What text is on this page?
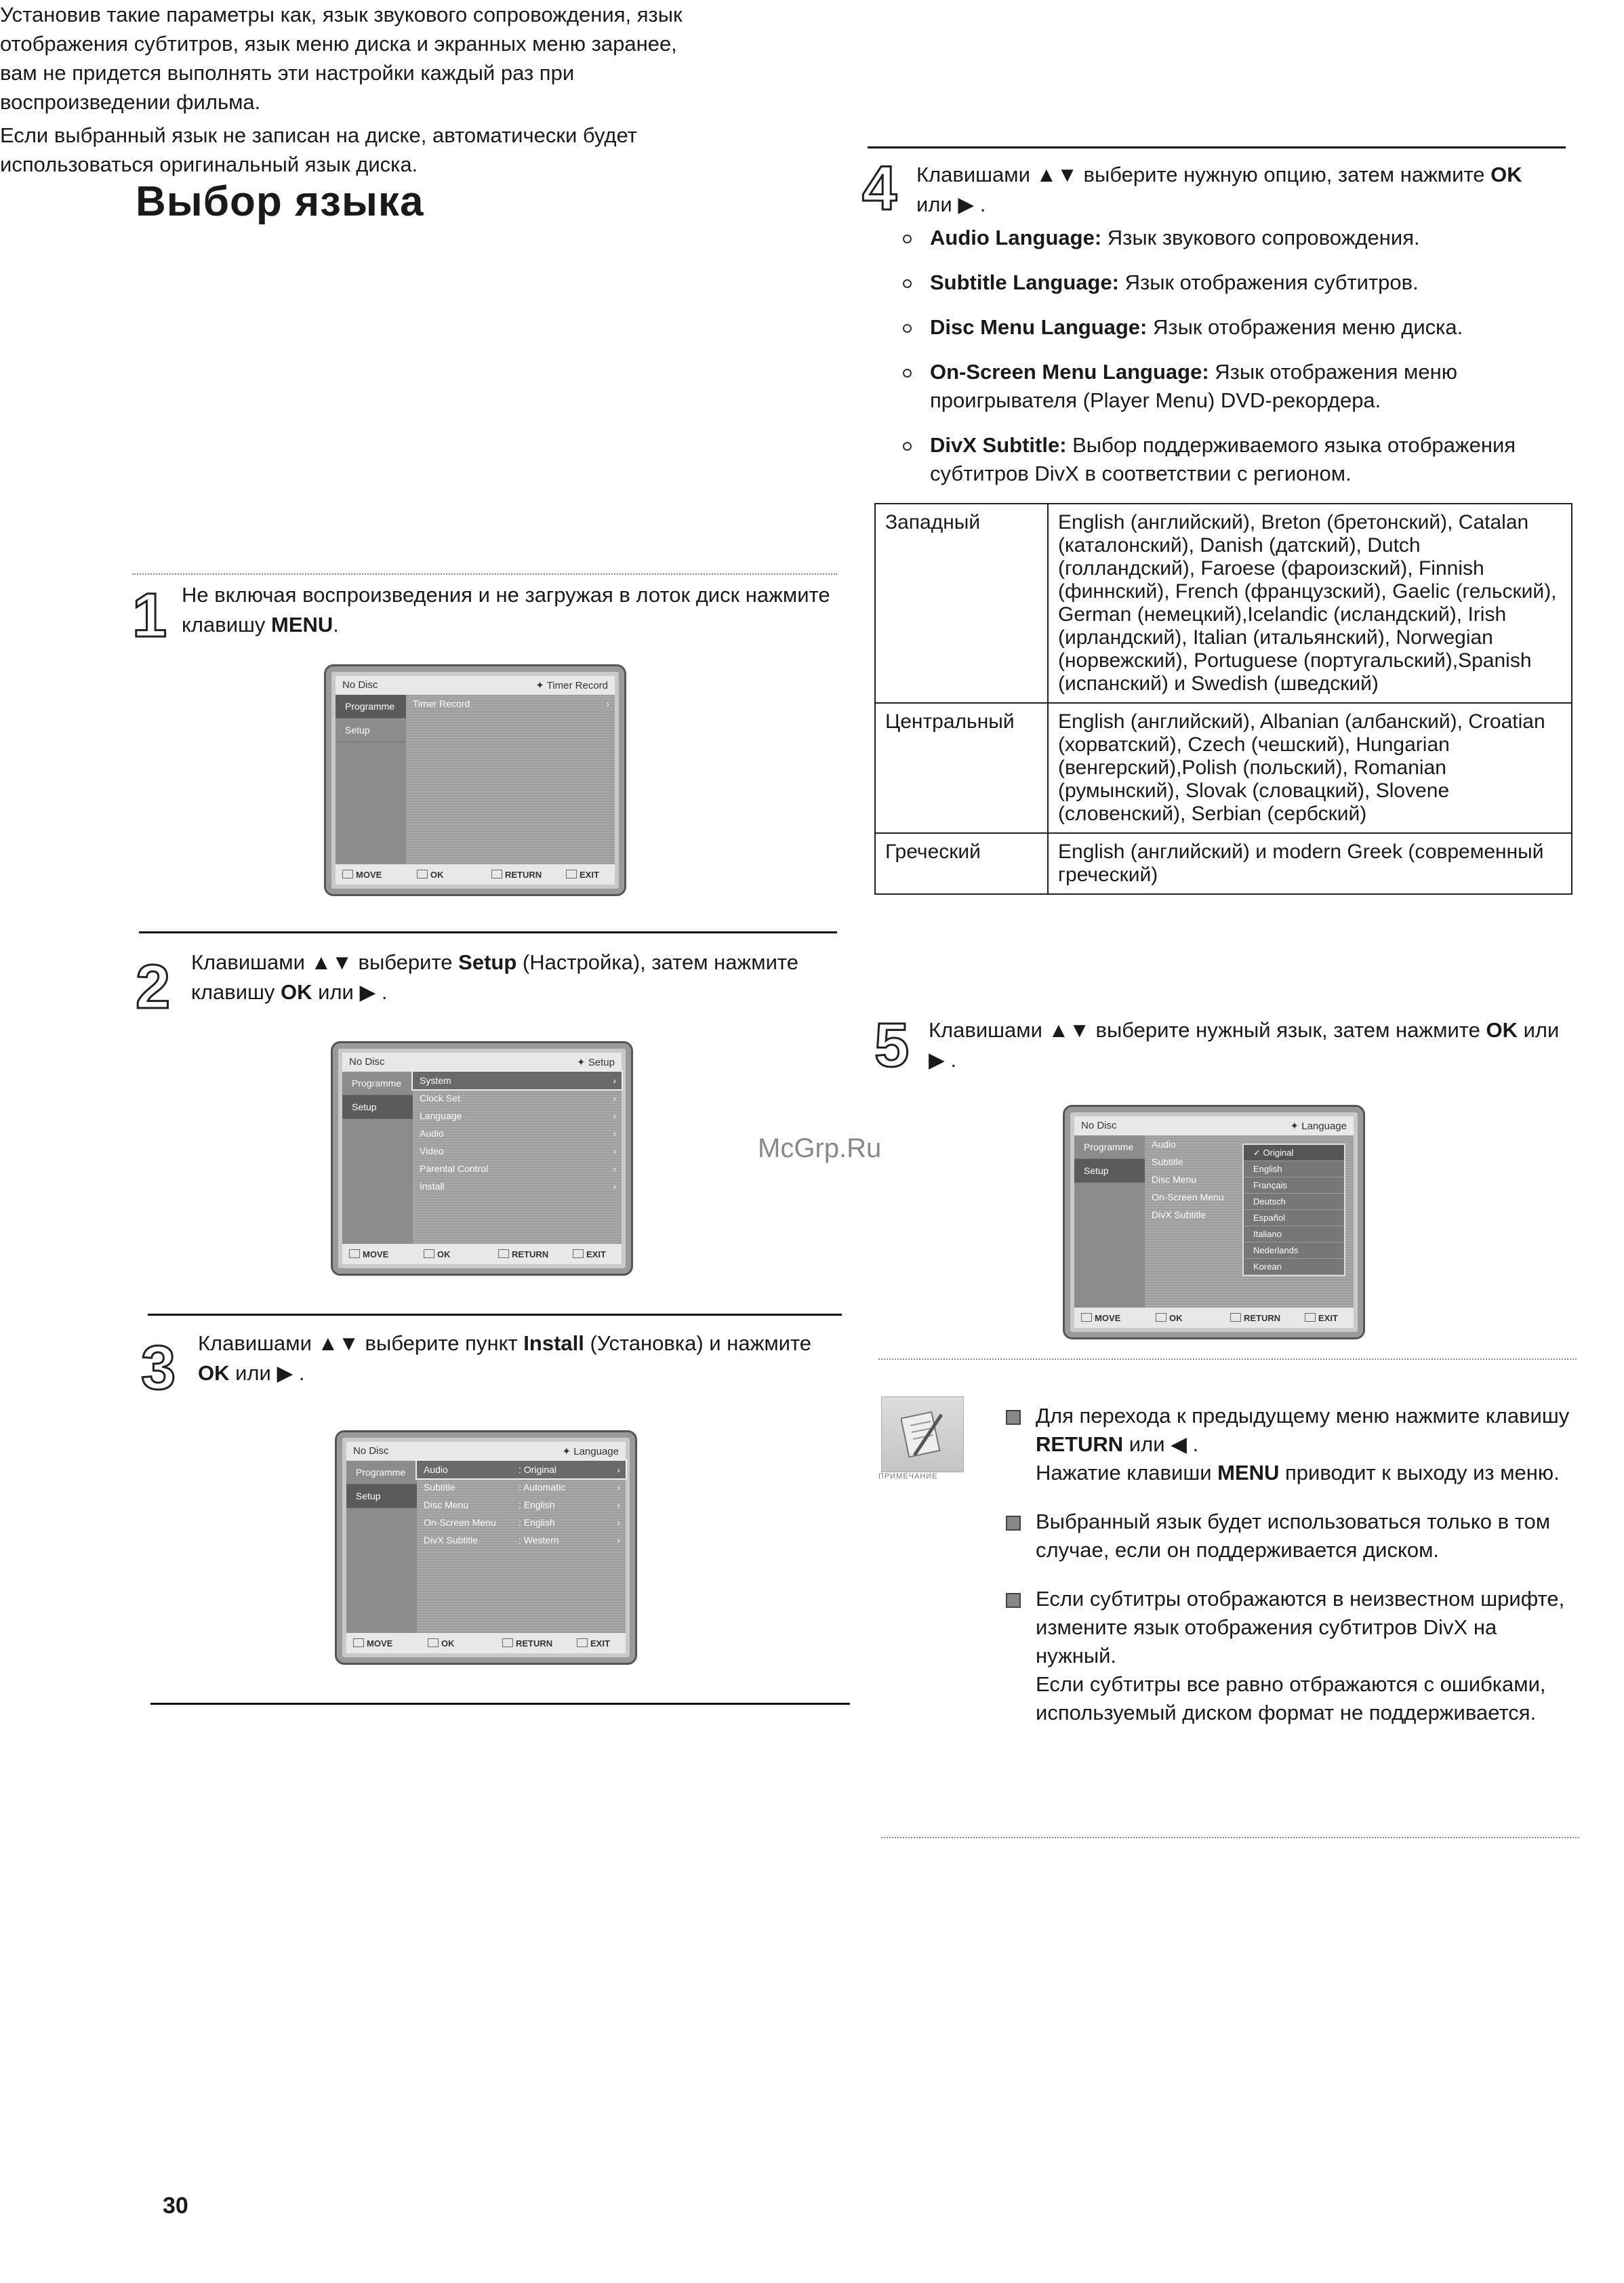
Выбор языка

Установив такие параметры как, язык звукового сопровождения, язык отображения субтитров, язык меню диска и экранных меню заранее, вам не придется выполнять эти настройки каждый раз при воспроизведении фильма.

Если выбранный язык не записан на диске, автоматически будет использоваться оригинальный язык диска.

1 Не включая воспроизведения и не загружая в лоток диск нажмите клавишу MENU.
No Disc	✦ Timer Record
Programme
Setup
Timer Record	›
MOVE	OK	RETURN	EXIT
2 Клавишами ▲▼ выберите Setup (Настройка), затем нажмите клавишу OK или ▶ .
No Disc	✦ Setup
Programme
Setup
System	›
Clock Set	›
Language	›
Audio	›
Video	›
Parental Control	›
Install	›
MOVE	OK	RETURN	EXIT
3 Клавишами ▲▼ выберите пункт Install (Установка) и нажмите OK или ▶ .
No Disc	✦ Language
Programme
Setup
Audio	: Original	›
Subtitle	: Automatic	›
Disc Menu	: English	›
On-Screen Menu : English	›
DivX Subtitle	: Western	›
MOVE	OK	RETURN	EXIT
4 Клавишами ▲▼ выберите нужную опцию, затем нажмите OK или ▶ .
Audio Language: Язык звукового сопровождения.
Subtitle Language: Язык отображения субтитров.
Disc Menu Language: Язык отображения меню диска.
On-Screen Menu Language: Язык отображения меню проигрывателя (Player Menu) DVD-рекордера.
DivX Subtitle: Выбор поддерживаемого языка отображения субтитров DivX в соответствии с регионом.
Западный	English (английский), Breton (бретонский), Catalan (каталонский), Danish (датский), Dutch (голландский), Faroese (фароизский), Finnish (финнский), French (французский), Gaelic (гельский), German (немецкий),Icelandic (исландский), Irish (ирландский), Italian (итальянский), Norwegian (норвежский), Portuguese (португальский),Spanish (испанский) и Swedish (шведский)
Центральный	English (английский), Albanian (албанский), Croatian (хорватский), Czech (чешский), Hungarian (венгерский),Polish (польский), Romanian (румынский), Slovak (словацкий), Slovene (словенский), Serbian (сербский)
Греческий	English (английский) и modern Greek (современный греческий)
5 Клавишами ▲▼ выберите нужный язык, затем нажмите OK или ▶ .
No Disc	✦ Language
Programme
Setup
Audio
Subtitle
Disc Menu
On-Screen Menu
DivX Subtitle
✓ Original
English
Français
Deutsch
Español
Italiano
Nederlands
Korean
MOVE	OK	RETURN	EXIT
McGrp.Ru
ПРИМЕЧАНИЕ

Для перехода к предыдущему меню нажмите клавишу RETURN или ◀ .

Нажатие клавиши MENU приводит к выходу из меню.

Выбранный язык будет использоваться только в том случае, если он поддерживается диском.

Если субтитры отображаются в неизвестном шрифте, измените язык отображения субтитров DivX на нужный.

Если субтитры все равно отбражаются с ошибками, используемый диском формат не поддерживается.

30
